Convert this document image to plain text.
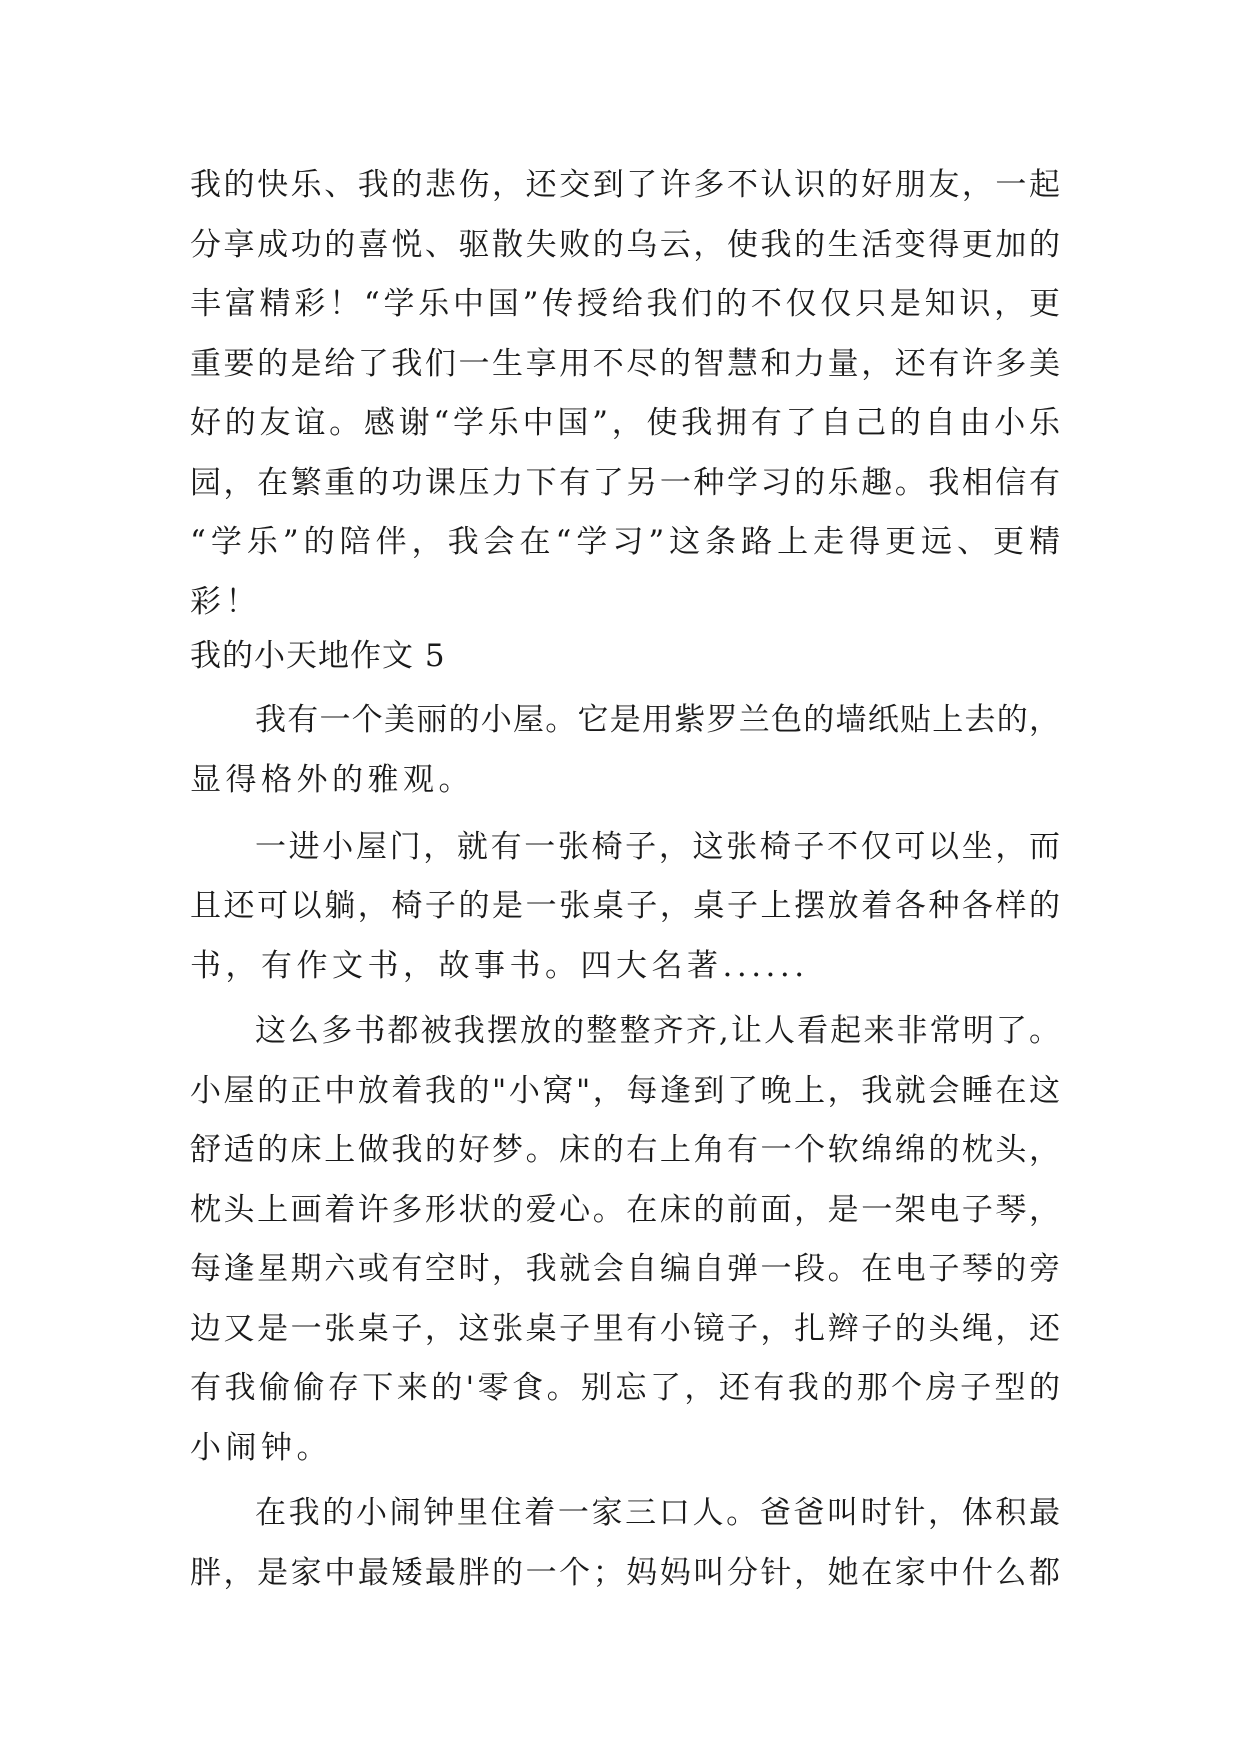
我的快乐、我的悲伤，还交到了许多不认识的好朋友，一起
分享成功的喜悦、驱散失败的乌云，使我的生活变得更加的
丰富精彩！“学乐中国”传授给我们的不仅仅只是知识，更
重要的是给了我们一生享用不尽的智慧和力量，还有许多美
好的友谊。感谢“学乐中国”，使我拥有了自己的自由小乐
园，在繁重的功课压力下有了另一种学习的乐趣。我相信有
“学乐”的陪伴，我会在“学习”这条路上走得更远、更精
彩！
我的小天地作文 5
我有一个美丽的小屋。它是用紫罗兰色的墙纸贴上去的，
显得格外的雅观。
一进小屋门，就有一张椅子，这张椅子不仅可以坐，而
且还可以躺，椅子的是一张桌子，桌子上摆放着各种各样的
书，有作文书，故事书。四大名著......
这么多书都被我摆放的整整齐齐,让人看起来非常明了。
小屋的正中放着我的"小窝"，每逢到了晚上，我就会睡在这
舒适的床上做我的好梦。床的右上角有一个软绵绵的枕头，
枕头上画着许多形状的爱心。在床的前面，是一架电子琴，
每逢星期六或有空时，我就会自编自弹一段。在电子琴的旁
边又是一张桌子，这张桌子里有小镜子，扎辫子的头绳，还
有我偷偷存下来的'零食。别忘了，还有我的那个房子型的
小闹钟。
在我的小闹钟里住着一家三口人。爸爸叫时针，体积最
胖，是家中最矮最胖的一个；妈妈叫分针，她在家中什么都
